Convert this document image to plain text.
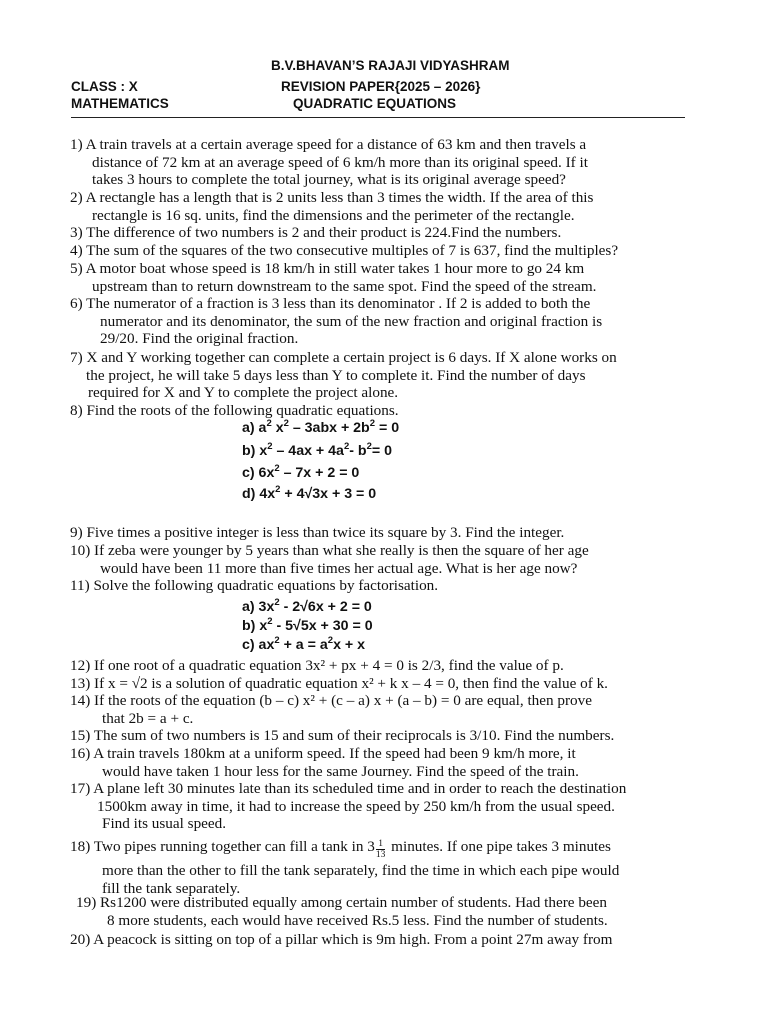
B.V.BHAVAN’S RAJAJI VIDYASHRAM
CLASS : X	REVISION PAPER{2025 – 2026}
MATHEMATICS	QUADRATIC EQUATIONS
1) A train travels at a certain average speed for a distance of 63 km and then travels a
distance of 72 km at an average speed of 6 km/h more than its original speed. If it
takes 3 hours to complete the total journey, what is its original average speed?
2) A rectangle has a length that is 2 units less than 3 times the width. If the area of this
rectangle is 16 sq. units, find the dimensions and the perimeter of the rectangle.
3) The difference of two numbers is 2 and their product is 224.Find the numbers.
4) The sum of the squares of the two consecutive multiples of 7 is 637, find the multiples?
5) A motor boat whose speed is 18 km/h in still water takes 1 hour more to go 24 km
upstream than to return downstream to the same spot. Find the speed of the stream.
6) The numerator of a fraction is 3 less than its denominator . If 2 is added to both the
numerator and its denominator, the sum of the new fraction and original fraction is
29/20. Find the original fraction.
7) X and Y working together can complete a certain project is 6 days. If X alone works on
the project, he will take 5 days less than Y to complete it. Find the number of days
required for X and Y to complete the project alone.
8) Find the roots of the following quadratic equations.
a) $a^2$ $x^2 - 3abx + 2b^2 = 0$
b) $x^2 - 4ax + 4a^2-$ $b^2= 0$
c) $6x^2 - 7x + 2 = 0$
d) $4x^2 + 4√3x + 3 = 0$
9) Five times a positive integer is less than twice its square by 3. Find the integer.
10) If zeba were younger by 5 years than what she really is then the square of her age
would have been 11 more than five times her actual age. What is her age now?
11) Solve the following quadratic equations by factorisation.
a) $3x^2 - 2√6x + 2 = 0$
b) $x^2 - 5√5x + 30 = 0$
c) $ax^2 + a = a^2x + x$
12) If one root of a quadratic equation 3x² + px + 4 = 0 is 2/3, find the value of p.
13) If x = √2 is a solution of quadratic equation x² + k x – 4 = 0, then find the value of k.
14) If the roots of the equation (b – c) x² + (c – a) x + (a – b) = 0 are equal, then prove
that 2b = a + c.
15) The sum of two numbers is 15 and sum of their reciprocals is 3/10. Find the numbers.
16) A train travels 180km at a uniform speed. If the speed had been 9 km/h more, it
would have taken 1 hour less for the same Journey. Find the speed of the train.
17) A plane left 30 minutes late than its scheduled time and in order to reach the destination
1500km away in time, it had to increase the speed by 250 km/h from the usual speed.
Find its usual speed.
18) Two pipes running together can fill a tank in $3 \frac{1}{13}$ minutes. If one pipe takes 3 minutes
more than the other to fill the tank separately, find the time in which each pipe would
fill the tank separately.
19) Rs1200 were distributed equally among certain number of students. Had there been
8 more students, each would have received Rs.5 less. Find the number of students.
20) A peacock is sitting on top of a pillar which is 9m high. From a point 27m away from
